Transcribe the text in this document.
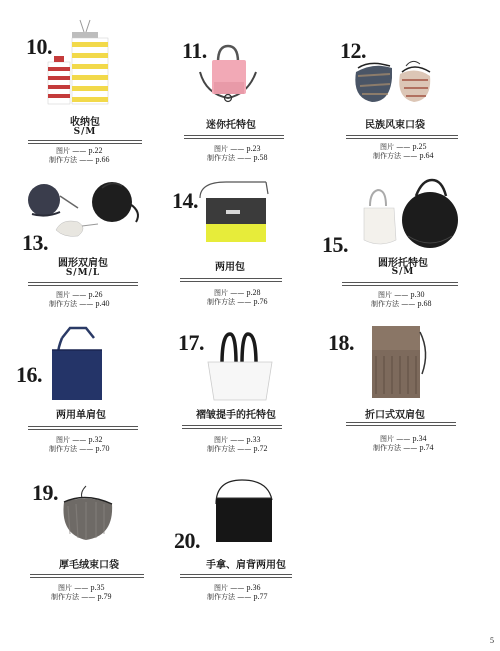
10.
收纳包
S/M
图片 —— p.22
制作方法 —— p.66
11.
迷你托特包
图片 —— p.23
制作方法 —— p.58
12.
民族风束口袋
图片 —— p.25
制作方法 —— p.64
13.
圆形双肩包
S/M/L
图片 —— p.26
制作方法 —— p.40
14.
两用包
图片 —— p.28
制作方法 —— p.76
15.
圆形托特包
S/M
图片 —— p.30
制作方法 —— p.68
16.
两用单肩包
图片 —— p.32
制作方法 —— p.70
17.
褶皱提手的托特包
图片 —— p.33
制作方法 —— p.72
18.
折口式双肩包
图片 —— p.34
制作方法 —— p.74
19.
厚毛绒束口袋
图片 —— p.35
制作方法 —— p.79
20.
手拿、肩背两用包
图片 —— p.36
制作方法 —— p.77
5
